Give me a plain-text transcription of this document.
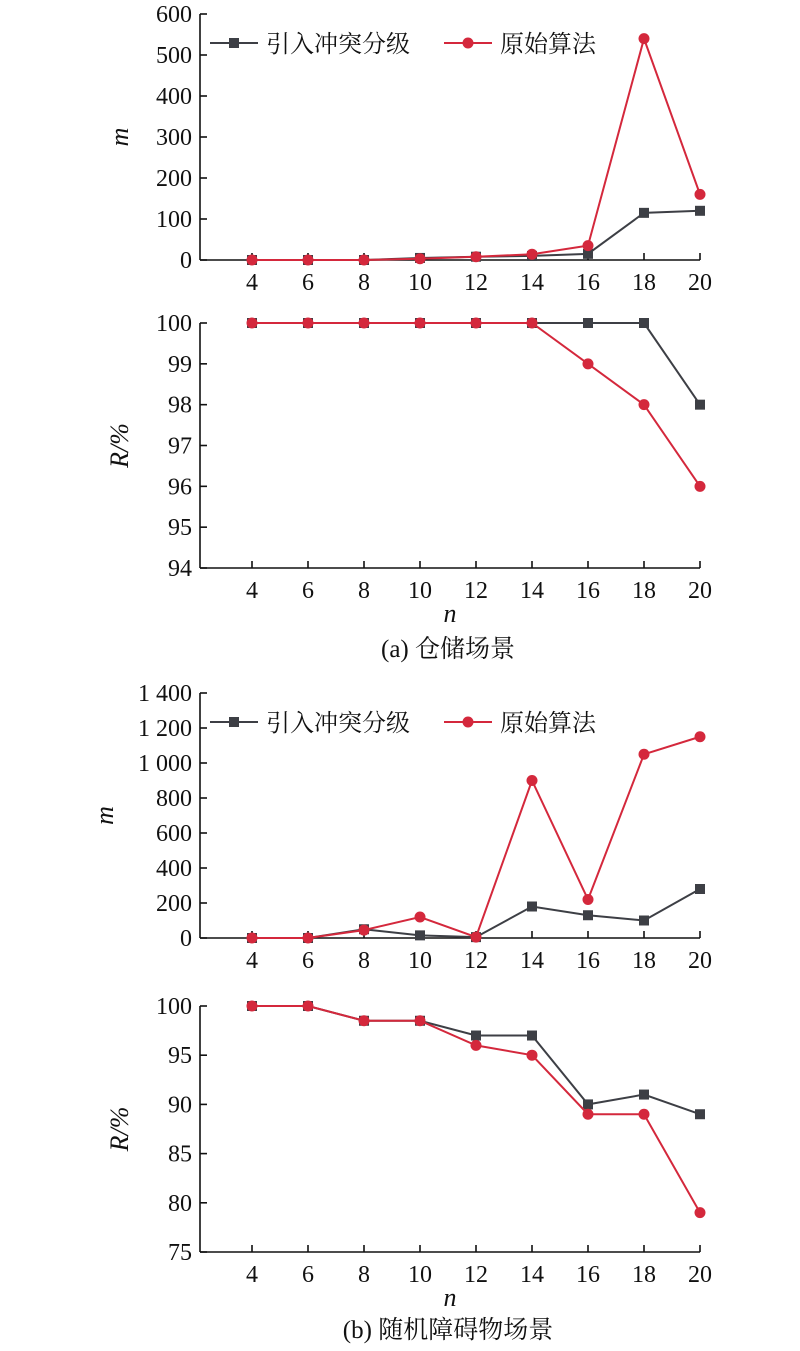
0
100
200
300
400
500
600
4 6 8 10 12 14 16 18 20
m
引入冲突分级	原始算法
94
95
96
97
98
99
100
4 6 8 10 12 14 16 18 20
R/%
n
0
200
400
600
800
1 000
1 200
1 400
4 6 8 10 12 14 16 18 20
m
引入冲突分级	原始算法
75
80
85
90
95
100
4 6 8 10 12 14 16 18 20
R/%
n
(a) 仓储场景
(b) 随机障碍物场景
